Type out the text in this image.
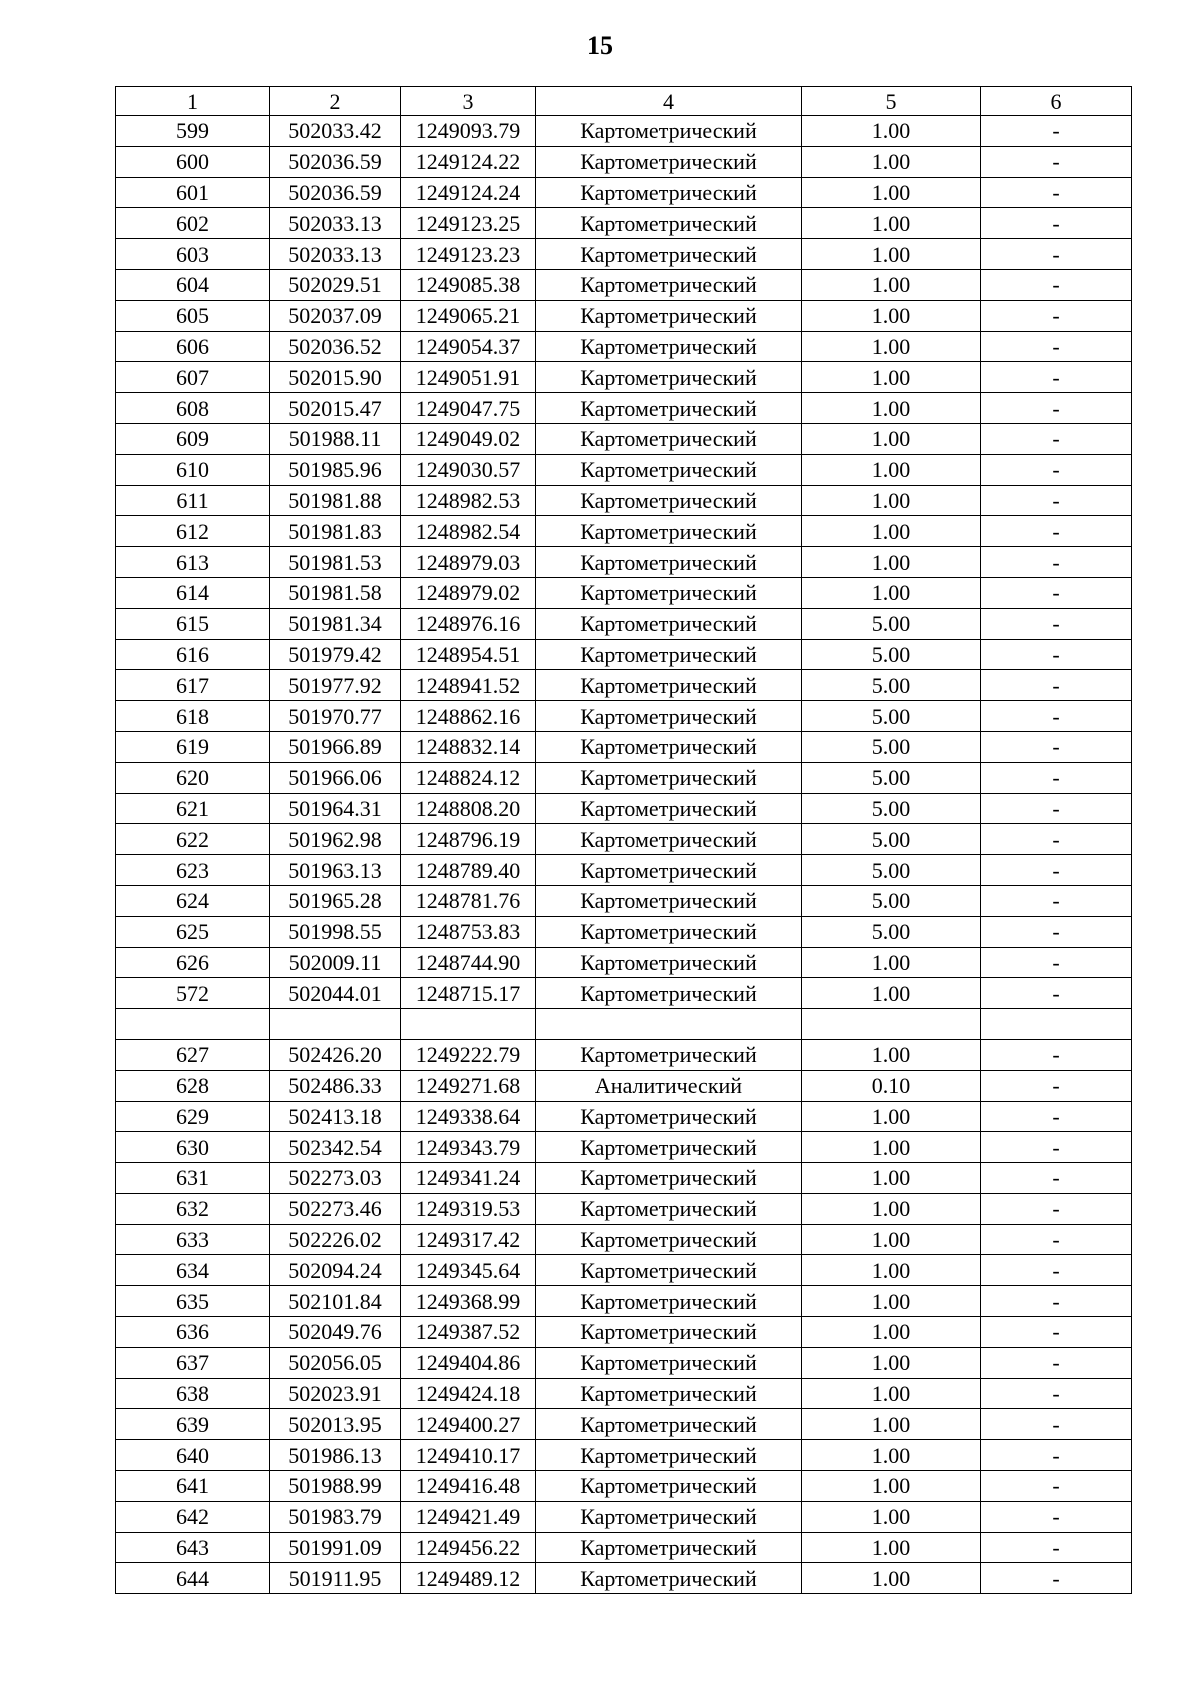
15
1	2	3	4	5	6
599	502033.42	1249093.79	Картометрический	1.00	-
600	502036.59	1249124.22	Картометрический	1.00	-
601	502036.59	1249124.24	Картометрический	1.00	-
602	502033.13	1249123.25	Картометрический	1.00	-
603	502033.13	1249123.23	Картометрический	1.00	-
604	502029.51	1249085.38	Картометрический	1.00	-
605	502037.09	1249065.21	Картометрический	1.00	-
606	502036.52	1249054.37	Картометрический	1.00	-
607	502015.90	1249051.91	Картометрический	1.00	-
608	502015.47	1249047.75	Картометрический	1.00	-
609	501988.11	1249049.02	Картометрический	1.00	-
610	501985.96	1249030.57	Картометрический	1.00	-
611	501981.88	1248982.53	Картометрический	1.00	-
612	501981.83	1248982.54	Картометрический	1.00	-
613	501981.53	1248979.03	Картометрический	1.00	-
614	501981.58	1248979.02	Картометрический	1.00	-
615	501981.34	1248976.16	Картометрический	5.00	-
616	501979.42	1248954.51	Картометрический	5.00	-
617	501977.92	1248941.52	Картометрический	5.00	-
618	501970.77	1248862.16	Картометрический	5.00	-
619	501966.89	1248832.14	Картометрический	5.00	-
620	501966.06	1248824.12	Картометрический	5.00	-
621	501964.31	1248808.20	Картометрический	5.00	-
622	501962.98	1248796.19	Картометрический	5.00	-
623	501963.13	1248789.40	Картометрический	5.00	-
624	501965.28	1248781.76	Картометрический	5.00	-
625	501998.55	1248753.83	Картометрический	5.00	-
626	502009.11	1248744.90	Картометрический	1.00	-
572	502044.01	1248715.17	Картометрический	1.00	-

627	502426.20	1249222.79	Картометрический	1.00	-
628	502486.33	1249271.68	Аналитический	0.10	-
629	502413.18	1249338.64	Картометрический	1.00	-
630	502342.54	1249343.79	Картометрический	1.00	-
631	502273.03	1249341.24	Картометрический	1.00	-
632	502273.46	1249319.53	Картометрический	1.00	-
633	502226.02	1249317.42	Картометрический	1.00	-
634	502094.24	1249345.64	Картометрический	1.00	-
635	502101.84	1249368.99	Картометрический	1.00	-
636	502049.76	1249387.52	Картометрический	1.00	-
637	502056.05	1249404.86	Картометрический	1.00	-
638	502023.91	1249424.18	Картометрический	1.00	-
639	502013.95	1249400.27	Картометрический	1.00	-
640	501986.13	1249410.17	Картометрический	1.00	-
641	501988.99	1249416.48	Картометрический	1.00	-
642	501983.79	1249421.49	Картометрический	1.00	-
643	501991.09	1249456.22	Картометрический	1.00	-
644	501911.95	1249489.12	Картометрический	1.00	-
